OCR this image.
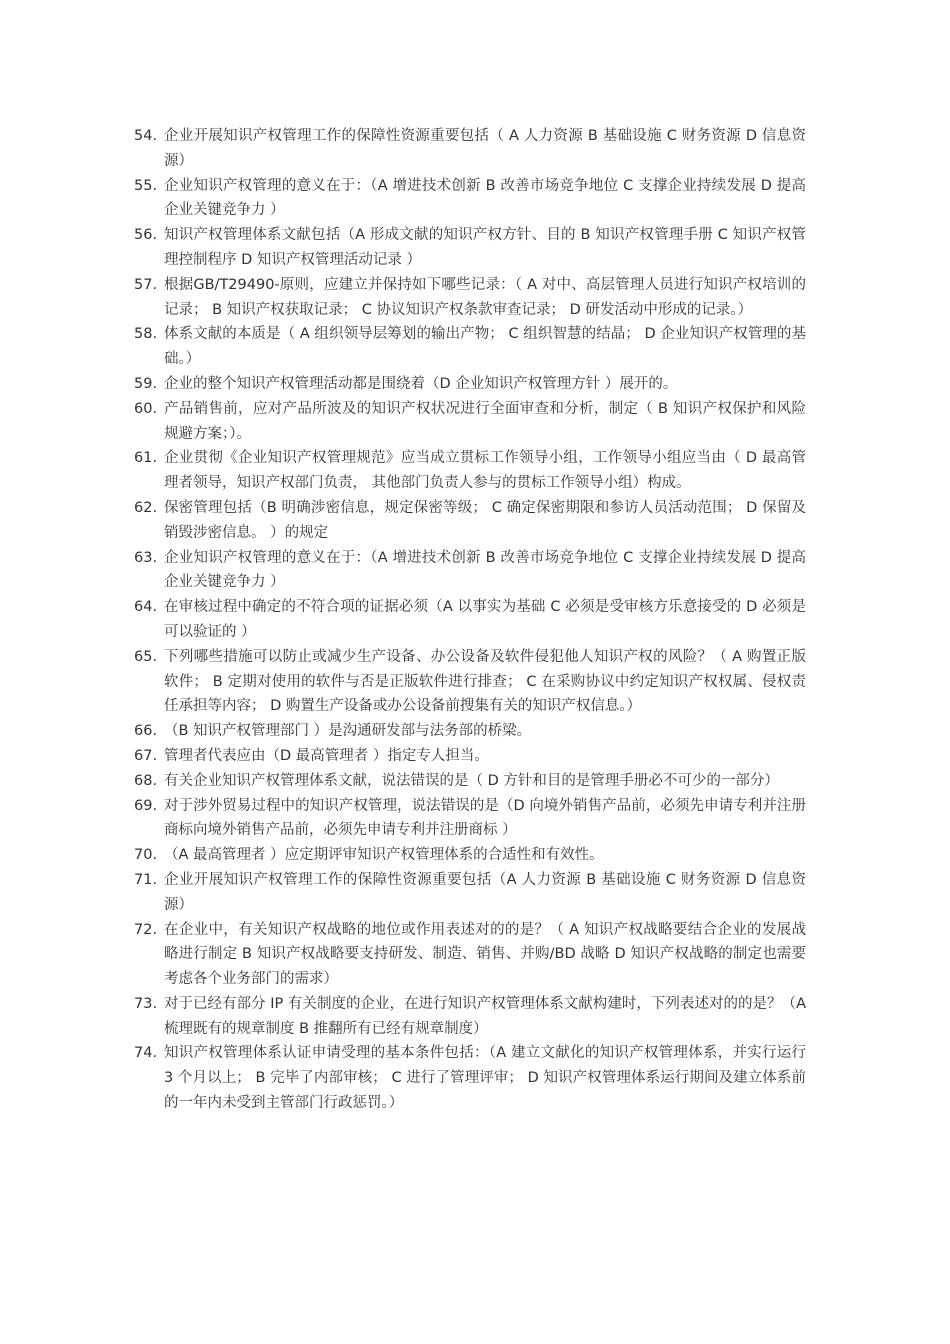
54. 企业开展知识产权管理工作的保障性资源重要包括（ A 人力资源 B 基础设施 C 财务资源 D 信息资源）
55. 企业知识产权管理的意义在于：（A 增进技术创新 B 改善市场竞争地位 C 支撑企业持续发展 D 提高企业关键竞争力 ）
56. 知识产权管理体系文献包括（A 形成文献的知识产权方针、目的 B 知识产权管理手册 C 知识产权管理控制程序 D 知识产权管理活动记录 ）
57. 根据GB/T29490-原则，应建立并保持如下哪些记录：（ A 对中、高层管理人员进行知识产权培训的记录； B 知识产权获取记录； C 协议知识产权条款审查记录； D 研发活动中形成的记录。）
58. 体系文献的本质是（ A 组织领导层筹划的输出产物； C 组织智慧的结晶； D 企业知识产权管理的基础。）
59. 企业的整个知识产权管理活动都是围绕着（D 企业知识产权管理方针 ）展开的。
60. 产品销售前，应对产品所波及的知识产权状况进行全面审查和分析，制定（ B 知识产权保护和风险规避方案；）。
61. 企业贯彻《企业知识产权管理规范》应当成立贯标工作领导小组，工作领导小组应当由（ D 最高管理者领导，知识产权部门负责， 其他部门负责人参与的贯标工作领导小组）构成。
62. 保密管理包括（B 明确涉密信息，规定保密等级； C 确定保密期限和参访人员活动范围； D 保留及销毁涉密信息。 ）的规定
63. 企业知识产权管理的意义在于：（A 增进技术创新 B 改善市场竞争地位 C 支撑企业持续发展 D 提高企业关键竞争力 ）
64. 在审核过程中确定的不符合项的证据必须（A 以事实为基础 C 必须是受审核方乐意接受的 D 必须是可以验证的 ）
65. 下列哪些措施可以防止或减少生产设备、办公设备及软件侵犯他人知识产权的风险？（ A 购置正版软件； B 定期对使用的软件与否是正版软件进行排查； C 在采购协议中约定知识产权权属、侵权责任承担等内容； D 购置生产设备或办公设备前搜集有关的知识产权信息。）
66. （B 知识产权管理部门 ）是沟通研发部与法务部的桥梁。
67. 管理者代表应由（D 最高管理者 ）指定专人担当。
68. 有关企业知识产权管理体系文献，说法错误的是（ D 方针和目的是管理手册必不可少的一部分）
69. 对于涉外贸易过程中的知识产权管理，说法错误的是（D 向境外销售产品前，必须先申请专利并注册商标向境外销售产品前，必须先申请专利并注册商标 ）
70. （A 最高管理者 ）应定期评审知识产权管理体系的合适性和有效性。
71. 企业开展知识产权管理工作的保障性资源重要包括（A 人力资源 B 基础设施 C 财务资源 D 信息资源）
72. 在企业中，有关知识产权战略的地位或作用表述对的的是？（ A 知识产权战略要结合企业的发展战略进行制定 B 知识产权战略要支持研发、制造、销售、并购/BD 战略 D 知识产权战略的制定也需要考虑各个业务部门的需求）
73. 对于已经有部分 IP 有关制度的企业，在进行知识产权管理体系文献构建时，下列表述对的的是？（A 梳理既有的规章制度 B 推翻所有已经有规章制度）
74. 知识产权管理体系认证申请受理的基本条件包括：（A 建立文献化的知识产权管理体系，并实行运行 3 个月以上； B 完毕了内部审核； C 进行了管理评审； D 知识产权管理体系运行期间及建立体系前的一年内未受到主管部门行政惩罚。）
